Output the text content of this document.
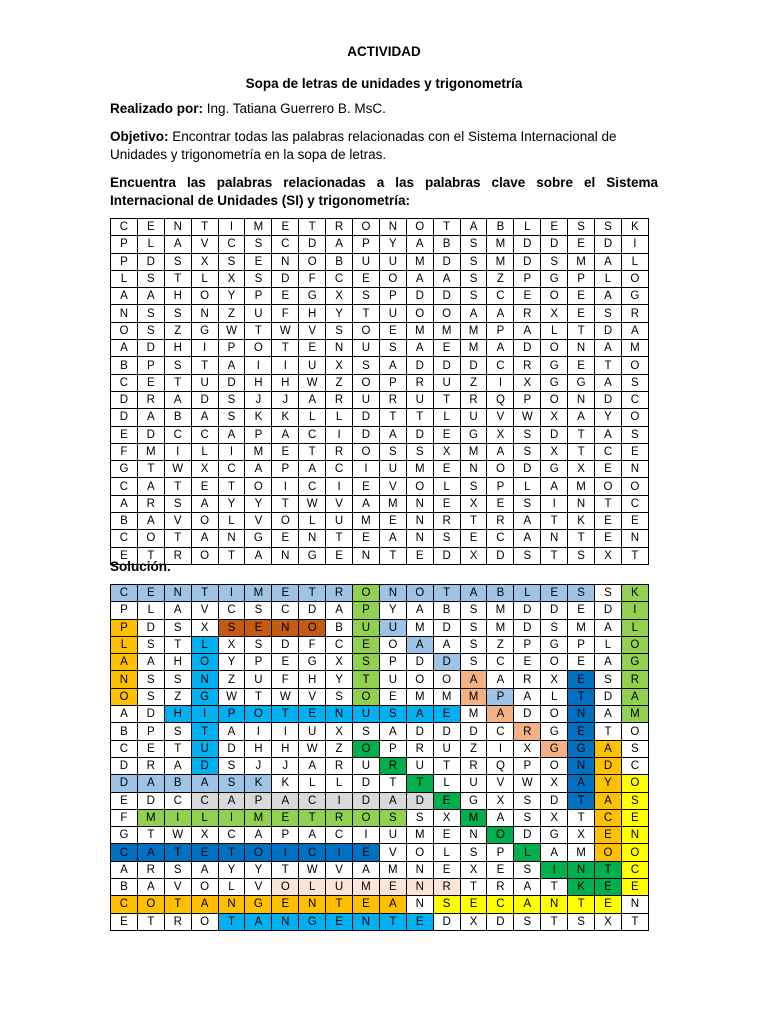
ACTIVIDAD
Sopa de letras de unidades y trigonometría
Realizado por: Ing. Tatiana Guerrero B. MsC.
Objetivo: Encontrar todas las palabras relacionadas con el Sistema Internacional de Unidades y trigonometría en la sopa de letras.
Encuentra las palabras relacionadas a las palabras clave sobre el Sistema Internacional de Unidades (SI) y trigonometría:
C	E	N	T	I	M	E	T	R	O	N	O	T	A	B	L	E	S	S	K
P	L	A	V	C	S	C	D	A	P	Y	A	B	S	M	D	D	E	D	I
P	D	S	X	S	E	N	O	B	U	U	M	D	S	M	D	S	M	A	L
L	S	T	L	X	S	D	F	C	E	O	A	A	S	Z	P	G	P	L	O
A	A	H	O	Y	P	E	G	X	S	P	D	D	S	C	E	O	E	A	G
N	S	S	N	Z	U	F	H	Y	T	U	O	O	A	A	R	X	E	S	R
O	S	Z	G	W	T	W	V	S	O	E	M	M	M	P	A	L	T	D	A
A	D	H	I	P	O	T	E	N	U	S	A	E	M	A	D	O	N	A	M
B	P	S	T	A	I	I	U	X	S	A	D	D	D	C	R	G	E	T	O
C	E	T	U	D	H	H	W	Z	O	P	R	U	Z	I	X	G	G	A	S
D	R	A	D	S	J	J	A	R	U	R	U	T	R	Q	P	O	N	D	C
D	A	B	A	S	K	K	L	L	D	T	T	L	U	V	W	X	A	Y	O
E	D	C	C	A	P	A	C	I	D	A	D	E	G	X	S	D	T	A	S
F	M	I	L	I	M	E	T	R	O	S	S	X	M	A	S	X	T	C	E
G	T	W	X	C	A	P	A	C	I	U	M	E	N	O	D	G	X	E	N
C	A	T	E	T	O	I	C	I	E	V	O	L	S	P	L	A	M	O	O
A	R	S	A	Y	Y	T	W	V	A	M	N	E	X	E	S	I	N	T	C
B	A	V	O	L	V	O	L	U	M	E	N	R	T	R	A	T	K	E	E
C	O	T	A	N	G	E	N	T	E	A	N	S	E	C	A	N	T	E	N
E	T	R	O	T	A	N	G	E	N	T	E	D	X	D	S	T	S	X	T
Solución.
C	E	N	T	I	M	E	T	R	O	N	O	T	A	B	L	E	S	S	K
P	L	A	V	C	S	C	D	A	P	Y	A	B	S	M	D	D	E	D	I
P	D	S	X	S	E	N	O	B	U	U	M	D	S	M	D	S	M	A	L
L	S	T	L	X	S	D	F	C	E	O	A	A	S	Z	P	G	P	L	O
A	A	H	O	Y	P	E	G	X	S	P	D	D	S	C	E	O	E	A	G
N	S	S	N	Z	U	F	H	Y	T	U	O	O	A	A	R	X	E	S	R
O	S	Z	G	W	T	W	V	S	O	E	M	M	M	P	A	L	T	D	A
A	D	H	I	P	O	T	E	N	U	S	A	E	M	A	D	O	N	A	M
B	P	S	T	A	I	I	U	X	S	A	D	D	D	C	R	G	E	T	O
C	E	T	U	D	H	H	W	Z	O	P	R	U	Z	I	X	G	G	A	S
D	R	A	D	S	J	J	A	R	U	R	U	T	R	Q	P	O	N	D	C
D	A	B	A	S	K	K	L	L	D	T	T	L	U	V	W	X	A	Y	O
E	D	C	C	A	P	A	C	I	D	A	D	E	G	X	S	D	T	A	S
F	M	I	L	I	M	E	T	R	O	S	S	X	M	A	S	X	T	C	E
G	T	W	X	C	A	P	A	C	I	U	M	E	N	O	D	G	X	E	N
C	A	T	E	T	O	I	C	I	E	V	O	L	S	P	L	A	M	O	O
A	R	S	A	Y	Y	T	W	V	A	M	N	E	X	E	S	I	N	T	C
B	A	V	O	L	V	O	L	U	M	E	N	R	T	R	A	T	K	E	E
C	O	T	A	N	G	E	N	T	E	A	N	S	E	C	A	N	T	E	N
E	T	R	O	T	A	N	G	E	N	T	E	D	X	D	S	T	S	X	T
